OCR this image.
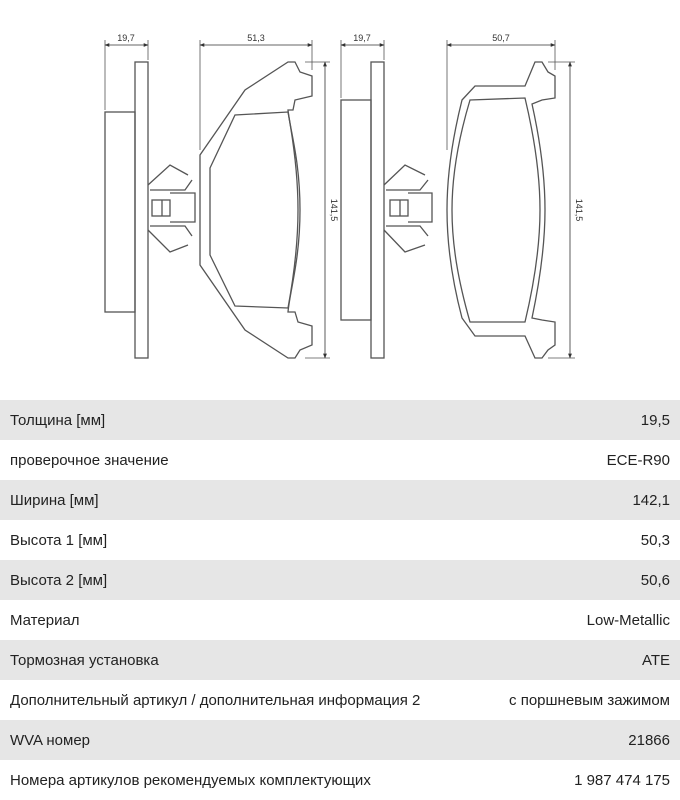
19,7	51,3
141,5
19,7	50,7
141,5
Толщина [мм]	19,5
проверочное значение	ECE-R90
Ширина [мм]	142,1
Высота 1 [мм]	50,3
Высота 2 [мм]	50,6
Материал	Low-Metallic
Тормозная установка	ATE
Дополнительный артикул / дополнительная информация 2	с поршневым зажимом
WVA номер	21866
Номера артикулов рекомендуемых комплектующих	1 987 474 175
